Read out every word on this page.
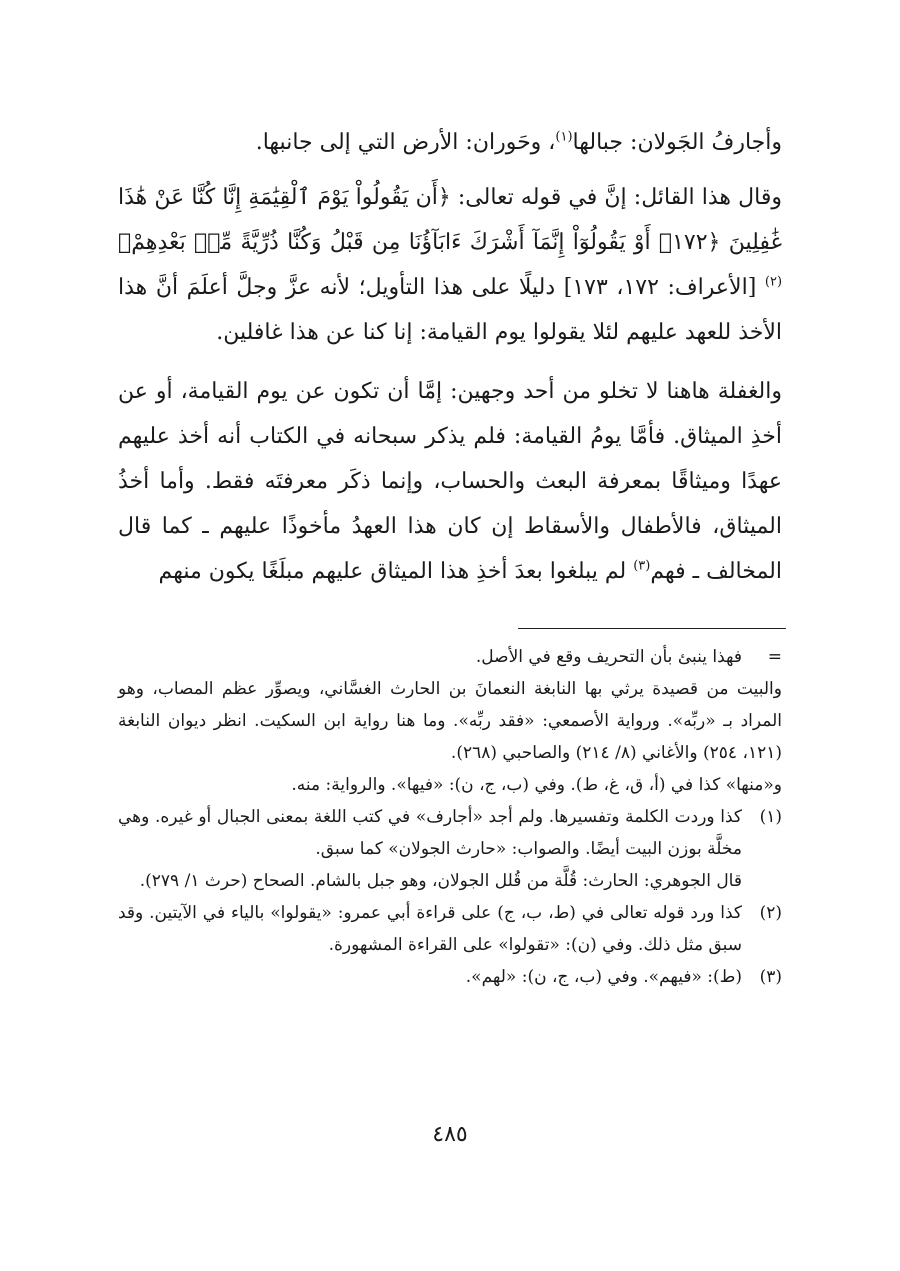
وأجارفُ الجَولان: جبالها$^{(١)}$، وحَوران: الأرض التي إلى جانبها.

وقال هذا القائل: إنَّ في قوله تعالى: ﴿أَن يَقُولُواْ يَوْمَ ٱلْقِيَٰمَةِ إِنَّا كُنَّا عَنْ هَٰذَا غَٰفِلِينَ ﴿١٧٢﴾ أَوْ يَقُولُوٓاْ إِنَّمَآ أَشْرَكَ ءَابَآؤُنَا مِن قَبْلُ وَكُنَّا ذُرِّيَّةً مِّنۢ بَعْدِهِمْ﴾$^{(٢)}$ [الأعراف: ١٧٢، ١٧٣] دليلًا على هذا التأويل؛ لأنه عزَّ وجلَّ أعلَمَ أنَّ هذا الأخذ للعهد عليهم لئلا يقولوا يوم القيامة: إنا كنا عن هذا غافلين.

والغفلة هاهنا لا تخلو من أحد وجهين: إمَّا أن تكون عن يوم القيامة، أو عن أخذِ الميثاق. فأمَّا يومُ القيامة: فلم يذكر سبحانه في الكتاب أنه أخذ عليهم عهدًا وميثاقًا بمعرفة البعث والحساب، وإنما ذكَر معرفتَه فقط. وأما أخذُ الميثاق، فالأطفال والأسقاط إن كان هذا العهدُ مأخوذًا عليهم ـ كما قال المخالف ـ فهم$^{(٣)}$ لم يبلغوا بعدَ أخذِ هذا الميثاق عليهم مبلَغًا يكون منهم

=
فهذا ينبئ بأن التحريف وقع في الأصل.
والبيت من قصيدة يرثي بها النابغة النعمانَ بن الحارث الغسَّاني، ويصوِّر عظم المصاب، وهو المراد بـ «ربِّه». ورواية الأصمعي: «فقد ربِّه». وما هنا رواية ابن السكيت. انظر ديوان النابغة (١٢١، ٢٥٤) والأغاني (٨/ ٢١٤) والصاحبي (٢٦٨).
و«منها» كذا في (أ، ق، غ، ط). وفي (ب، ج، ن): «فيها». والرواية: منه.
(١)
كذا وردت الكلمة وتفسيرها. ولم أجد «أجارف» في كتب اللغة بمعنى الجبال أو غيره. وهي مخلَّة بوزن البيت أيضًا. والصواب: «حارث الجولان» كما سبق.
قال الجوهري: الحارث: قُلَّة من قُلل الجولان، وهو جبل بالشام. الصحاح (حرث ١/ ٢٧٩).
(٢)
كذا ورد قوله تعالى في (ط، ب، ج) على قراءة أبي عمرو: «يقولوا» بالياء في الآيتين. وقد سبق مثل ذلك. وفي (ن): «تقولوا» على القراءة المشهورة.
(٣)
(ط): «فيهم». وفي (ب، ج، ن): «لهم».
٤٨٥
